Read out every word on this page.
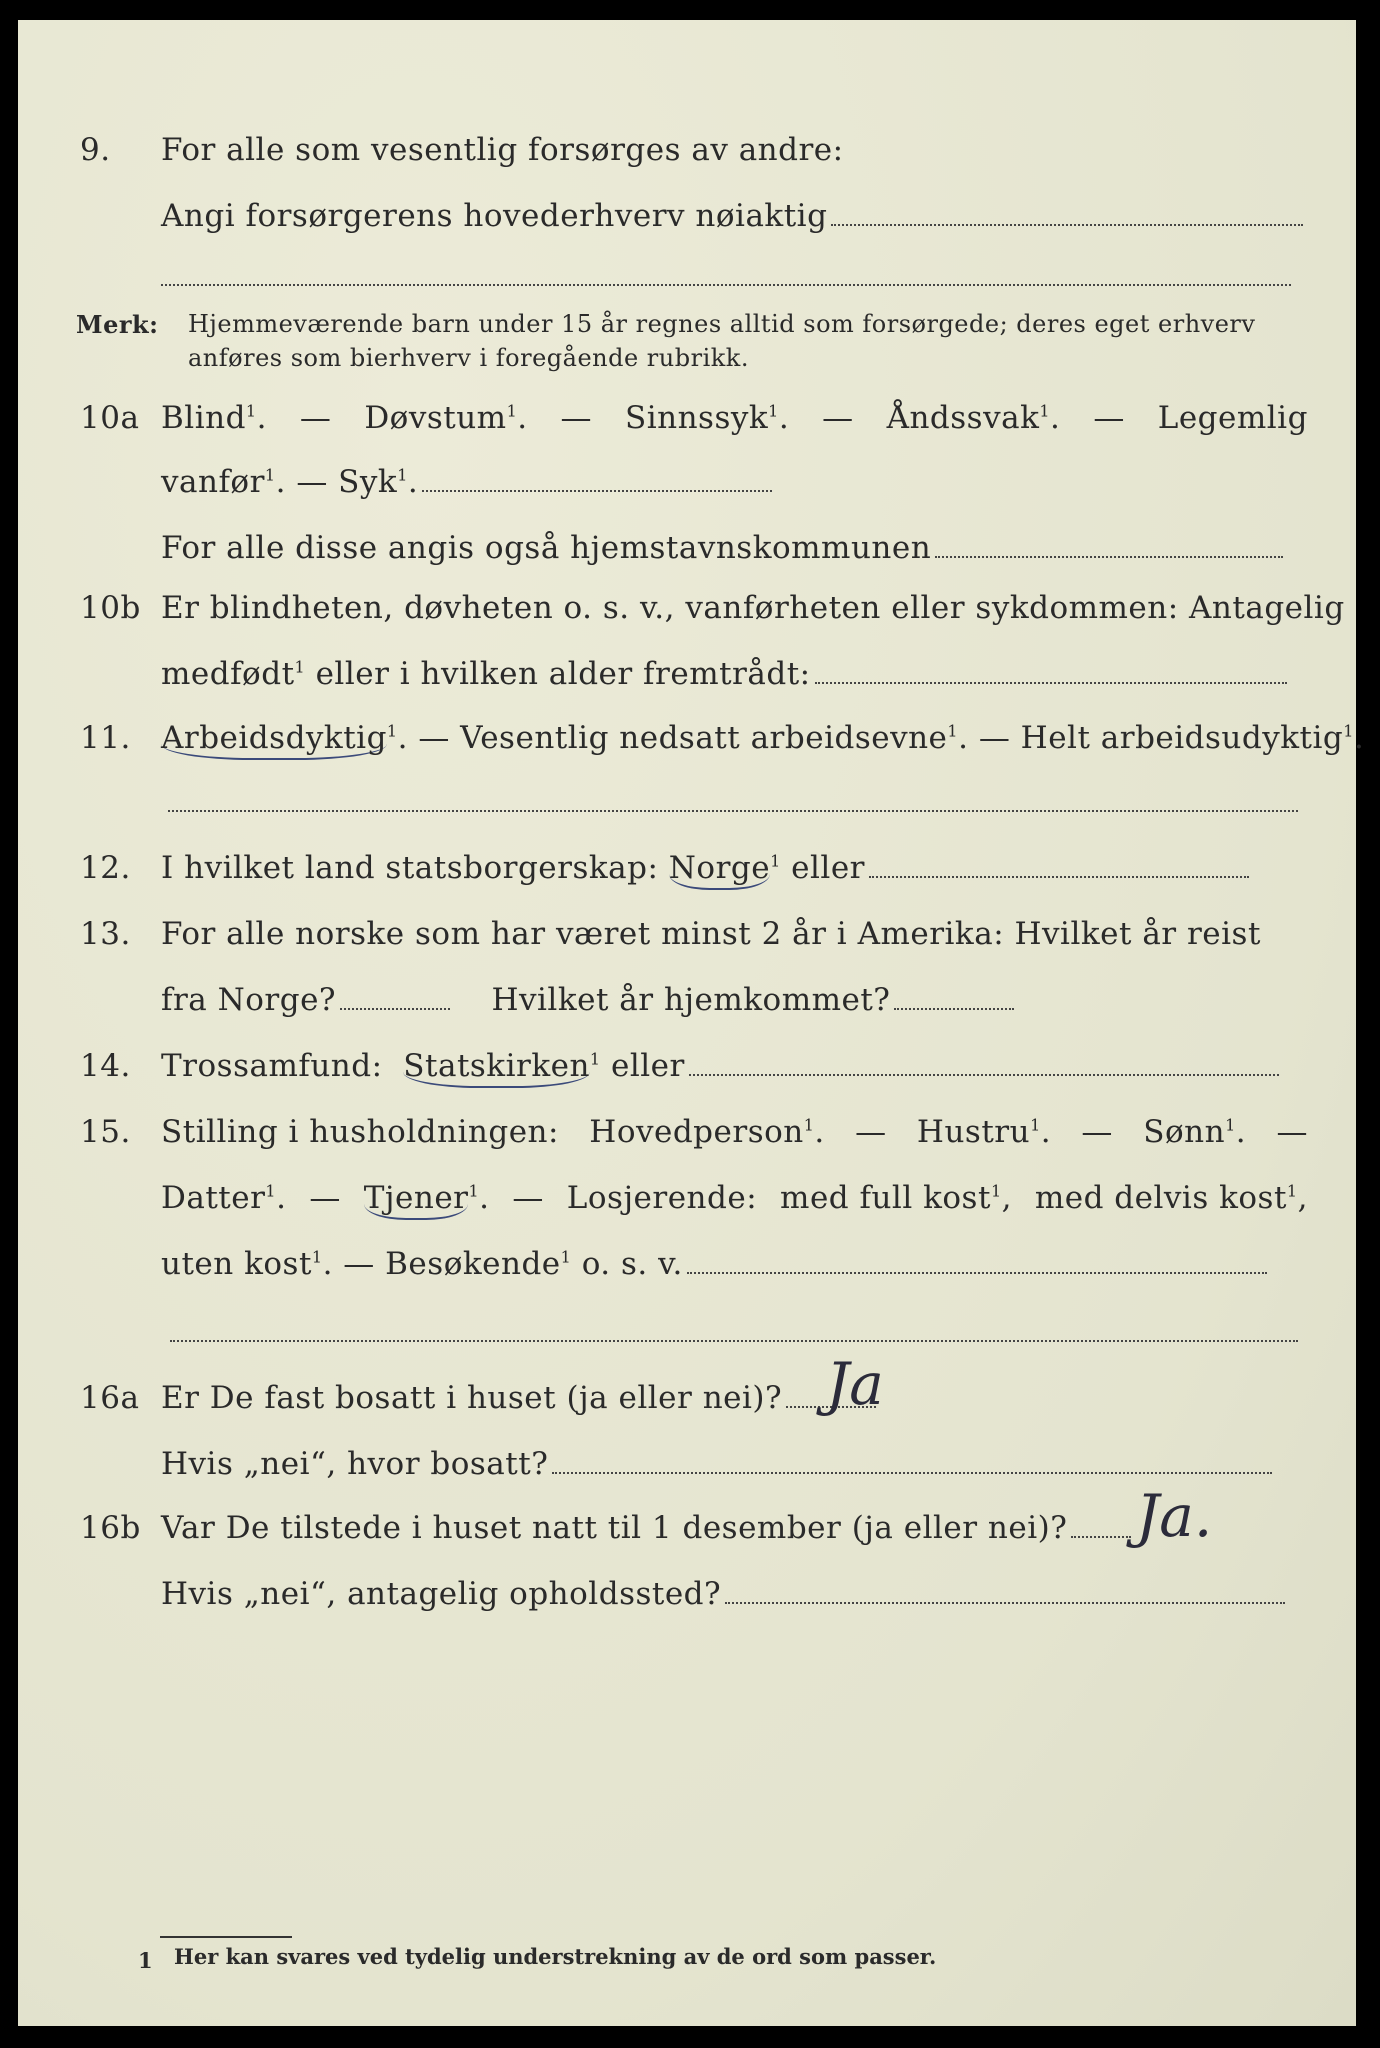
9. For alle som vesentlig forsørges av andre:
Angi forsørgerens hovederhverv nøiaktig
Merk: Hjemmeværende barn under 15 år regnes alltid som forsørgede; deres eget erhverv
anføres som bierhverv i foregående rubrikk.
10a Blind$^1$. — Døvstum$^1$. — Sinnssyk$^1$. — Åndssvak$^1$. — Legemlig
vanfør$^1$. — Syk$^1$.
For alle disse angis også hjemstavnskommunen
10b Er blindheten, døvheten o. s. v., vanførheten eller sykdommen: Antagelig
medfødt$^1$ eller i hvilken alder fremtrådt:
11. Arbeidsdyktig$^1$. — Vesentlig nedsatt arbeidsevne$^1$. — Helt arbeidsudyktig$^1$.
12. I hvilket land statsborgerskap: Norge$^1$ eller
13. For alle norske som har været minst 2 år i Amerika: Hvilket år reist
fra Norge?	Hvilket år hjemkommet?
14. Trossamfund: Statskirken$^1$ eller
15. Stilling i husholdningen: Hovedperson$^1$. — Hustru$^1$. — Sønn$^1$. —
Datter$^1$. — Tjener$^1$. — Losjerende: med full kost$^1$, med delvis kost$^1$,
uten kost$^1$. — Besøkende$^1$ o. s. v.
16a Er De fast bosatt i huset (ja eller nei)? Ja
Hvis „nei“, hvor bosatt?
16b Var De tilstede i huset natt til 1 desember (ja eller nei)?	Ja.
Hvis „nei“, antagelig opholdssted?
1 Her kan svares ved tydelig understrekning av de ord som passer.
